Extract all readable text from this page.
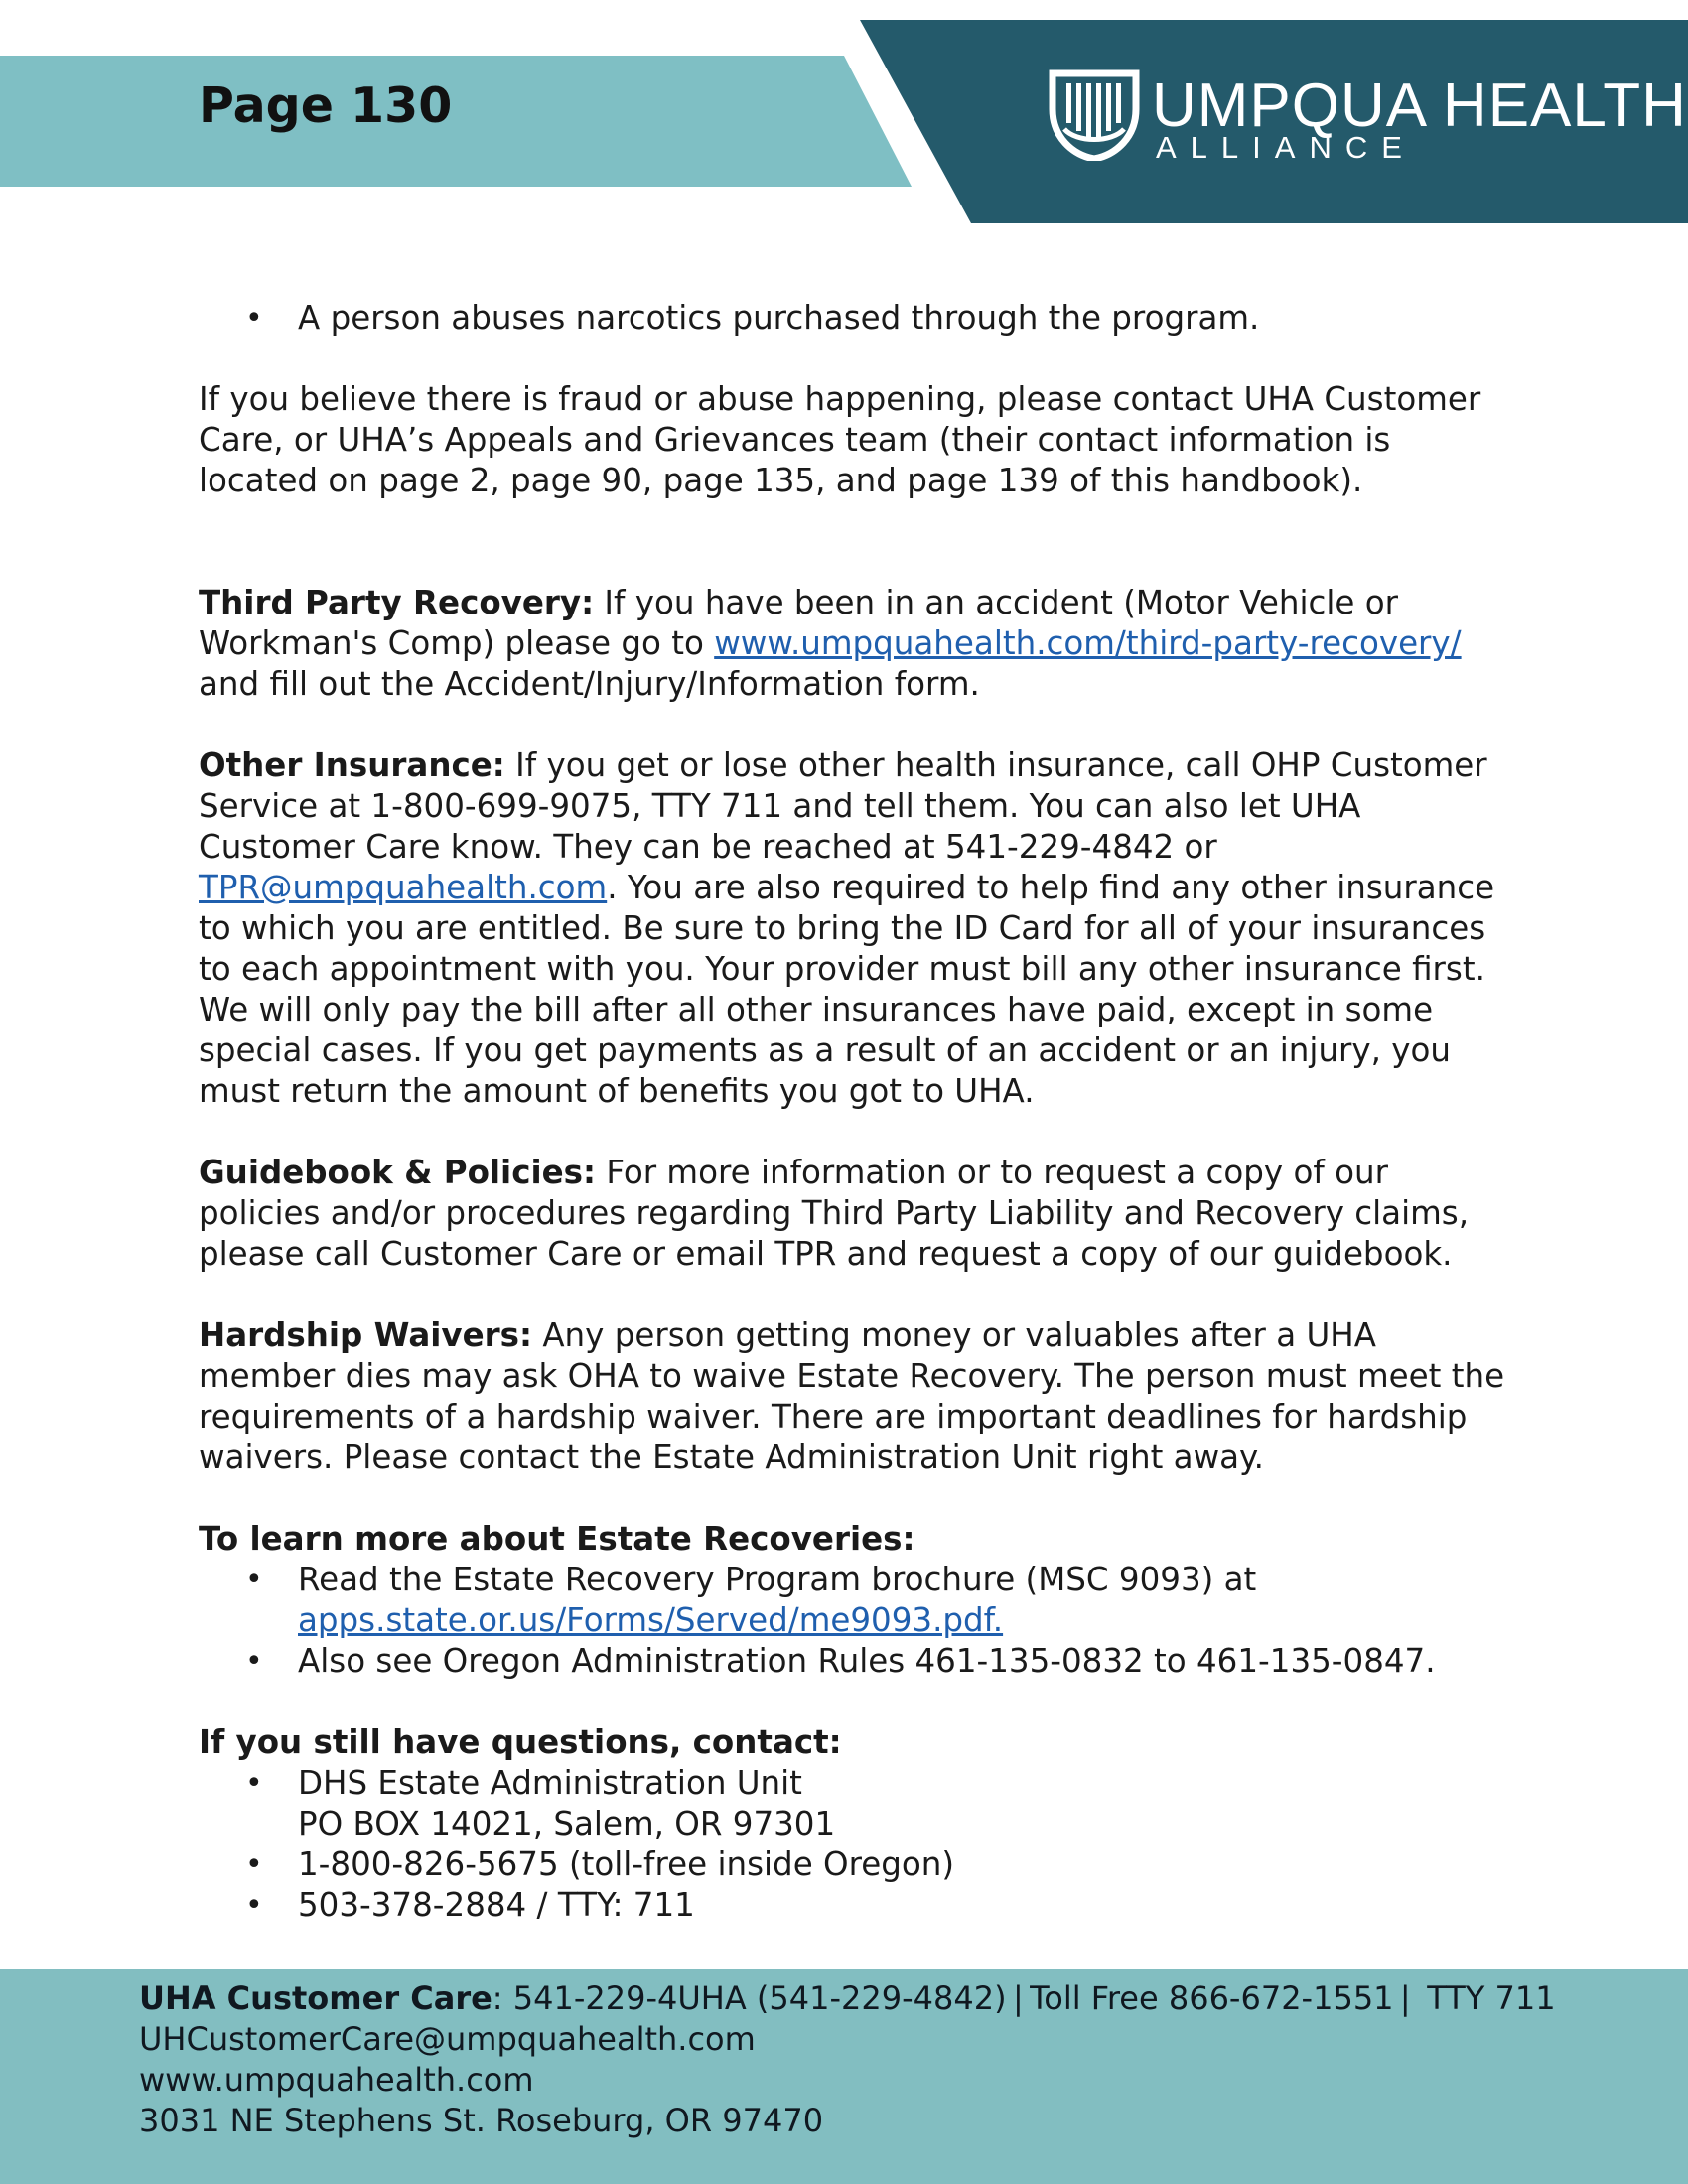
Page 130	UMPQUA HEALTH
ALLIANCE
• A person abuses narcotics purchased through the program.

If you believe there is fraud or abuse happening, please contact UHA Customer Care, or UHA’s Appeals and Grievances team (their contact information is located on page 2, page 90, page 135, and page 139 of this handbook).

Third Party Recovery: If you have been in an accident (Motor Vehicle or Workman's Comp) please go to www.umpquahealth.com/third-party-recovery/ and fill out the Accident/Injury/Information form.

Other Insurance: If you get or lose other health insurance, call OHP Customer Service at 1-800-699-9075, TTY 711 and tell them. You can also let UHA Customer Care know. They can be reached at 541-229-4842 or TPR@umpquahealth.com. You are also required to help find any other insurance to which you are entitled. Be sure to bring the ID Card for all of your insurances to each appointment with you. Your provider must bill any other insurance first. We will only pay the bill after all other insurances have paid, except in some special cases. If you get payments as a result of an accident or an injury, you must return the amount of benefits you got to UHA.

Guidebook & Policies: For more information or to request a copy of our policies and/or procedures regarding Third Party Liability and Recovery claims, please call Customer Care or email TPR and request a copy of our guidebook.

Hardship Waivers: Any person getting money or valuables after a UHA member dies may ask OHA to waive Estate Recovery. The person must meet the requirements of a hardship waiver. There are important deadlines for hardship waivers. Please contact the Estate Administration Unit right away.

To learn more about Estate Recoveries:

• Read the Estate Recovery Program brochure (MSC 9093) at apps.state.or.us/Forms/Served/me9093.pdf.
• Also see Oregon Administration Rules 461-135-0832 to 461-135-0847.

If you still have questions, contact:

• DHS Estate Administration Unit
PO BOX 14021, Salem, OR 97301
• 1-800-826-5675 (toll-free inside Oregon)
• 503-378-2884 / TTY: 711
UHA Customer Care: 541-229-4UHA (541-229-4842) | Toll Free 866-672-1551 |  TTY 711
UHCustomerCare@umpquahealth.com
www.umpquahealth.com
3031 NE Stephens St. Roseburg, OR 97470
